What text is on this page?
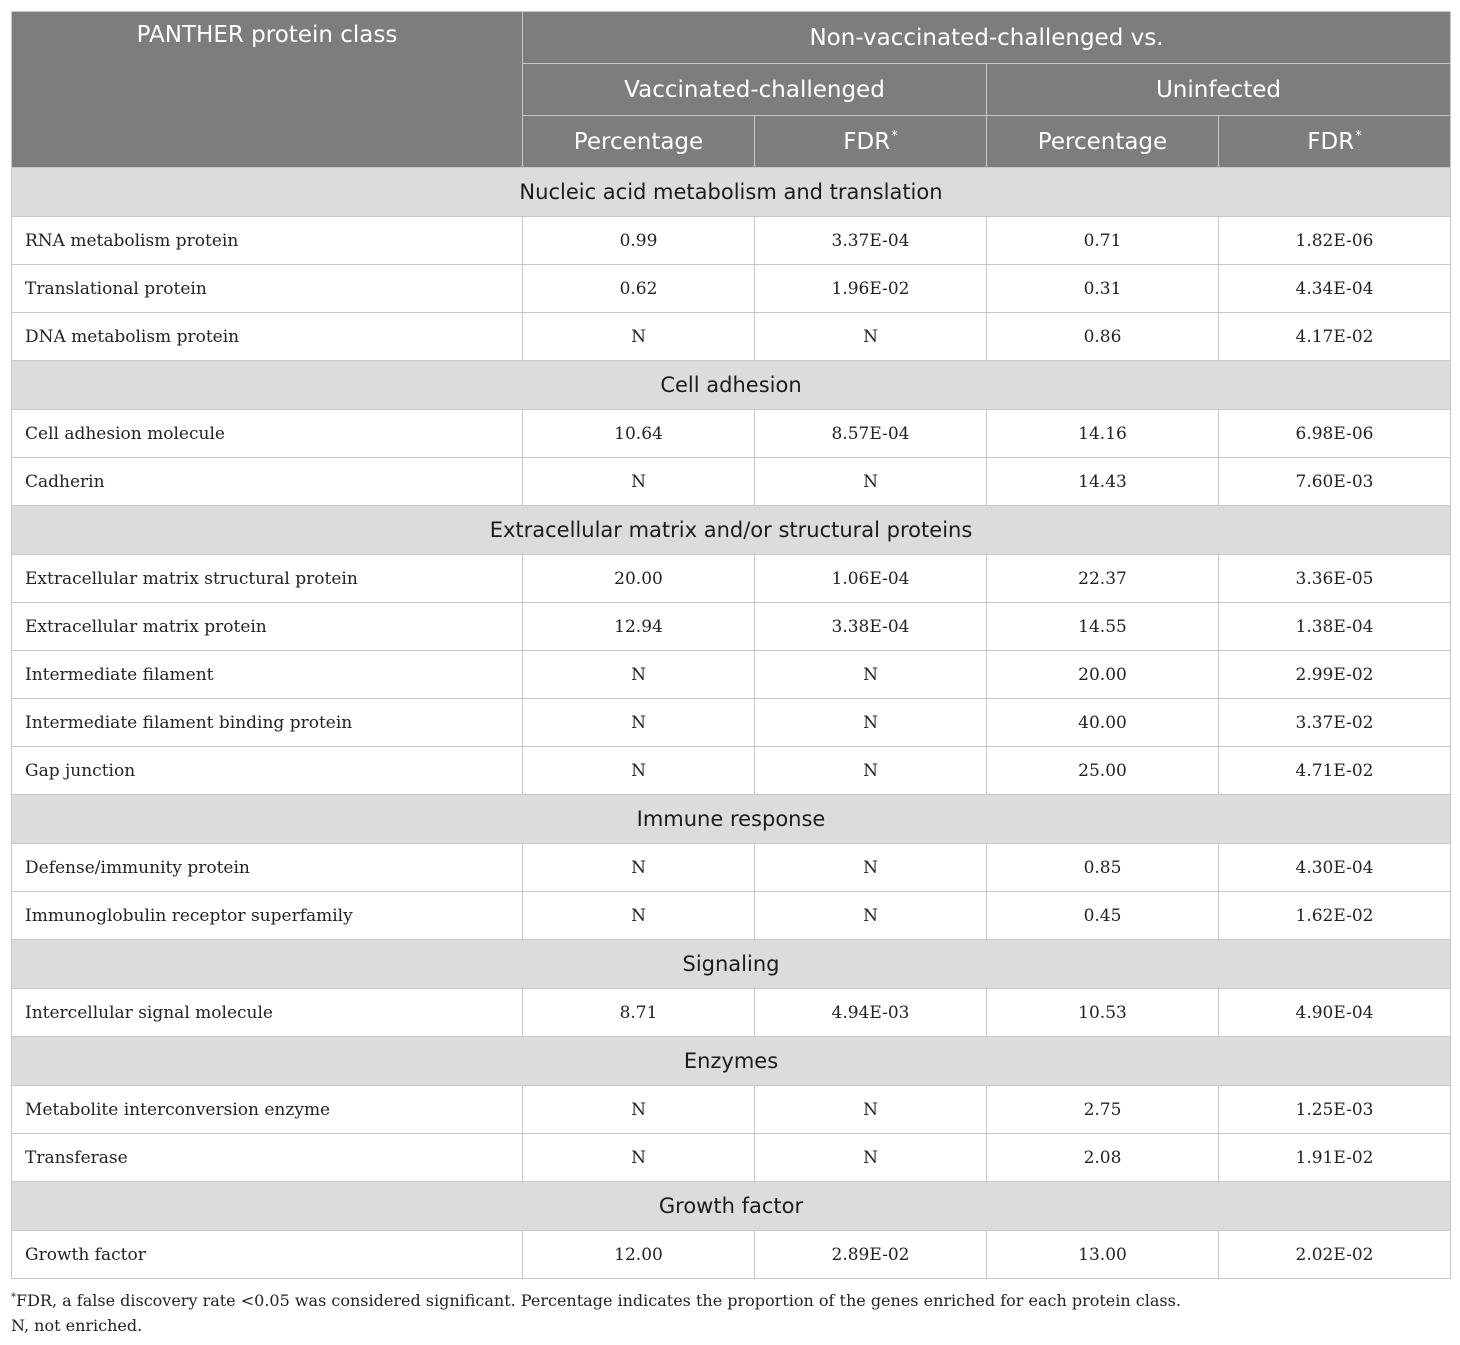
PANTHER protein class	Non-vaccinated-challenged vs.			
	Vaccinated-challenged		Uninfected	
	Percentage	FDR*	Percentage	FDR*
Nucleic acid metabolism and translation				
RNA metabolism protein	0.99	3.37E-04	0.71	1.82E-06
Translational protein	0.62	1.96E-02	0.31	4.34E-04
DNA metabolism protein	N	N	0.86	4.17E-02
Cell adhesion				
Cell adhesion molecule	10.64	8.57E-04	14.16	6.98E-06
Cadherin	N	N	14.43	7.60E-03
Extracellular matrix and/or structural proteins				
Extracellular matrix structural protein	20.00	1.06E-04	22.37	3.36E-05
Extracellular matrix protein	12.94	3.38E-04	14.55	1.38E-04
Intermediate filament	N	N	20.00	2.99E-02
Intermediate filament binding protein	N	N	40.00	3.37E-02
Gap junction	N	N	25.00	4.71E-02
Immune response				
Defense/immunity protein	N	N	0.85	4.30E-04
Immunoglobulin receptor superfamily	N	N	0.45	1.62E-02
Signaling				
Intercellular signal molecule	8.71	4.94E-03	10.53	4.90E-04
Enzymes				
Metabolite interconversion enzyme	N	N	2.75	1.25E-03
Transferase	N	N	2.08	1.91E-02
Growth factor				
Growth factor	12.00	2.89E-02	13.00	2.02E-02
*FDR, a false discovery rate <0.05 was considered significant. Percentage indicates the proportion of the genes enriched for each protein class.
N, not enriched.
